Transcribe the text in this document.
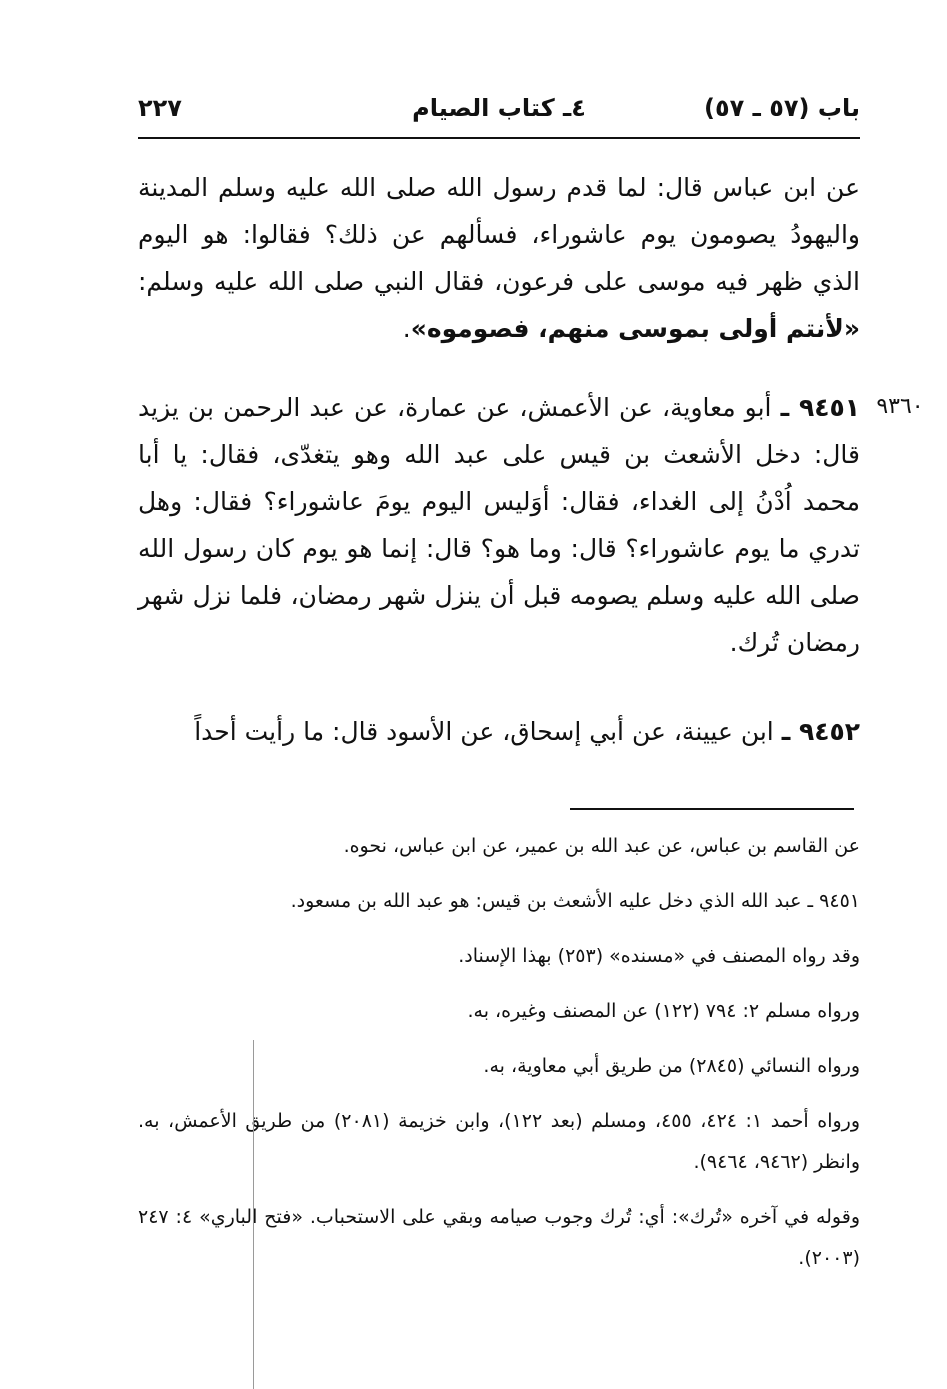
باب (٥٧ ـ ٥٧)
٤ـ كتاب الصيام
٢٢٧

عن ابن عباس قال: لما قدم رسول الله صلى الله عليه وسلم المدينة واليهودُ يصومون يوم عاشوراء، فسألهم عن ذلك؟ فقالوا: هو اليوم الذي ظهر فيه موسى على فرعون، فقال النبي صلى الله عليه وسلم: «لأنتم أولى بموسى منهم، فصوموه».

٩٣٦٠

٩٤٥١ ـ أبو معاوية، عن الأعمش، عن عمارة، عن عبد الرحمن بن يزيد قال: دخل الأشعث بن قيس على عبد الله وهو يتغدّى، فقال: يا أبا محمد اُدْنُ إلى الغداء، فقال: أوَليس اليوم يومَ عاشوراء؟ فقال: وهل تدري ما يوم عاشوراء؟ قال: وما هو؟ قال: إنما هو يوم كان رسول الله صلى الله عليه وسلم يصومه قبل أن ينزل شهر رمضان، فلما نزل شهر رمضان تُرك.

٩٤٥٢ ـ ابن عيينة، عن أبي إسحاق، عن الأسود قال: ما رأيت أحداً

عن القاسم بن عباس، عن عبد الله بن عمير، عن ابن عباس، نحوه.

٩٤٥١ ـ عبد الله الذي دخل عليه الأشعث بن قيس: هو عبد الله بن مسعود.

وقد رواه المصنف في «مسنده» (٢٥٣) بهذا الإسناد.

ورواه مسلم ٢: ٧٩٤ (١٢٢) عن المصنف وغيره، به.

ورواه النسائي (٢٨٤٥) من طريق أبي معاوية، به.

ورواه أحمد ١: ٤٢٤، ٤٥٥، ومسلم (بعد ١٢٢)، وابن خزيمة (٢٠٨١) من طريق الأعمش، به. وانظر (٩٤٦٢، ٩٤٦٤).

وقوله في آخره «تُرك»: أي: تُرك وجوب صيامه وبقي على الاستحباب. «فتح الباري» ٤: ٢٤٧ (٢٠٠٣).
